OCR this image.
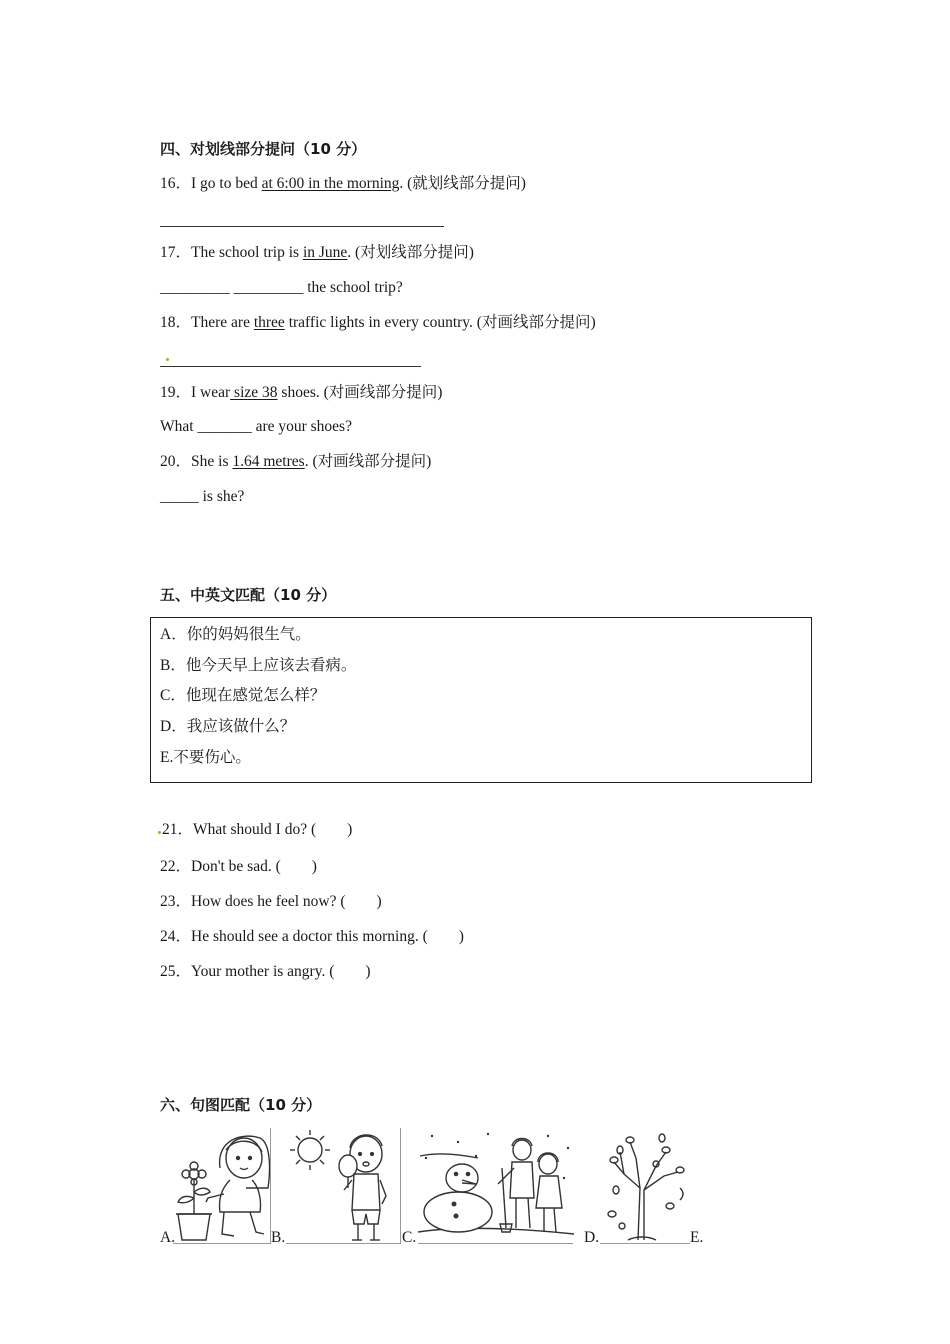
四、对划线部分提问（10 分）
16．I go to bed at 6:00 in the morning. (就划线部分提问)
17．The school trip is in June. (对划线部分提问)
_________ _________ the school trip?
18．There are three traffic lights in every country. (对画线部分提问)
19．I wear size 38 shoes. (对画线部分提问)
What _______ are your shoes?
20．She is 1.64 metres. (对画线部分提问)
_____ is she?
五、中英文匹配（10 分）
A．你的妈妈很生气。
B．他今天早上应该去看病。
C．他现在感觉怎么样？
D．我应该做什么？
E.不要伤心。
21．What should I do? (　　)
22．Don't be sad. (　　)
23．How does he feel now? (　　)
24．He should see a doctor this morning. (　　)
25．Your mother is angry. (　　)
六、句图匹配（10 分）
A.	B.	C.	D.	E.
